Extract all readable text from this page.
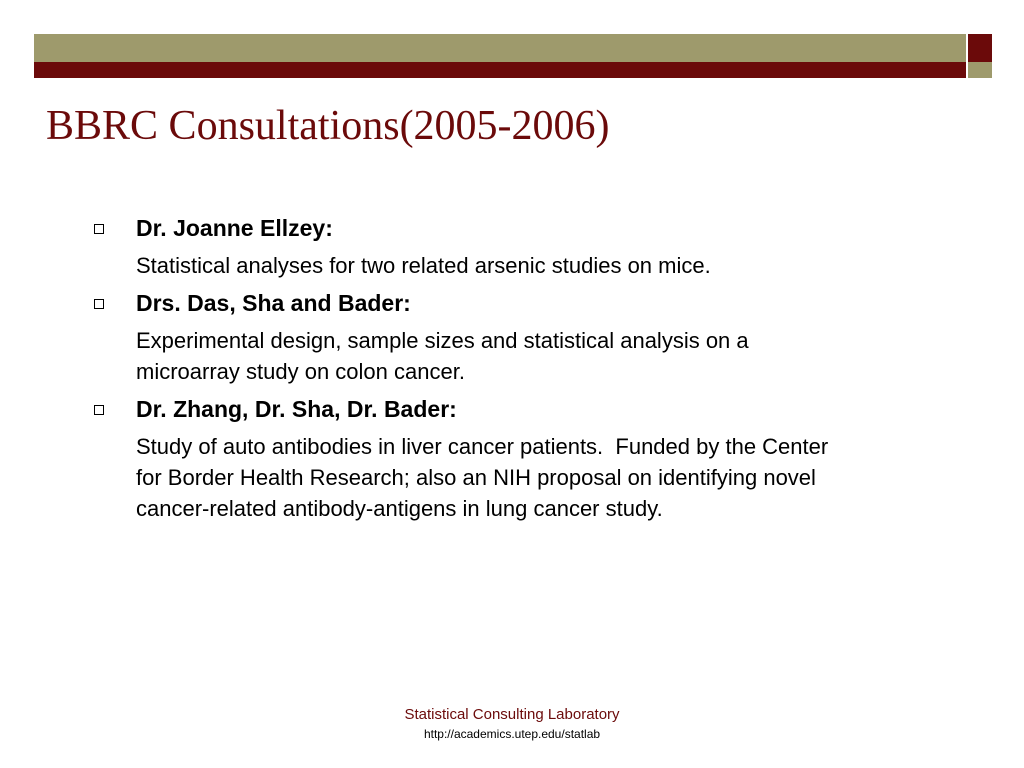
BBRC Consultations(2005-2006)
Dr. Joanne Ellzey:
Statistical analyses for two related arsenic studies on mice.
Drs. Das, Sha and Bader:
Experimental design, sample sizes and statistical analysis on a
microarray study on colon cancer.
Dr. Zhang, Dr. Sha, Dr. Bader:
Study of auto antibodies in liver cancer patients.  Funded by the Center
for Border Health Research; also an NIH proposal on identifying novel
cancer-related antibody-antigens in lung cancer study.
Statistical Consulting Laboratory
http://academics.utep.edu/statlab
